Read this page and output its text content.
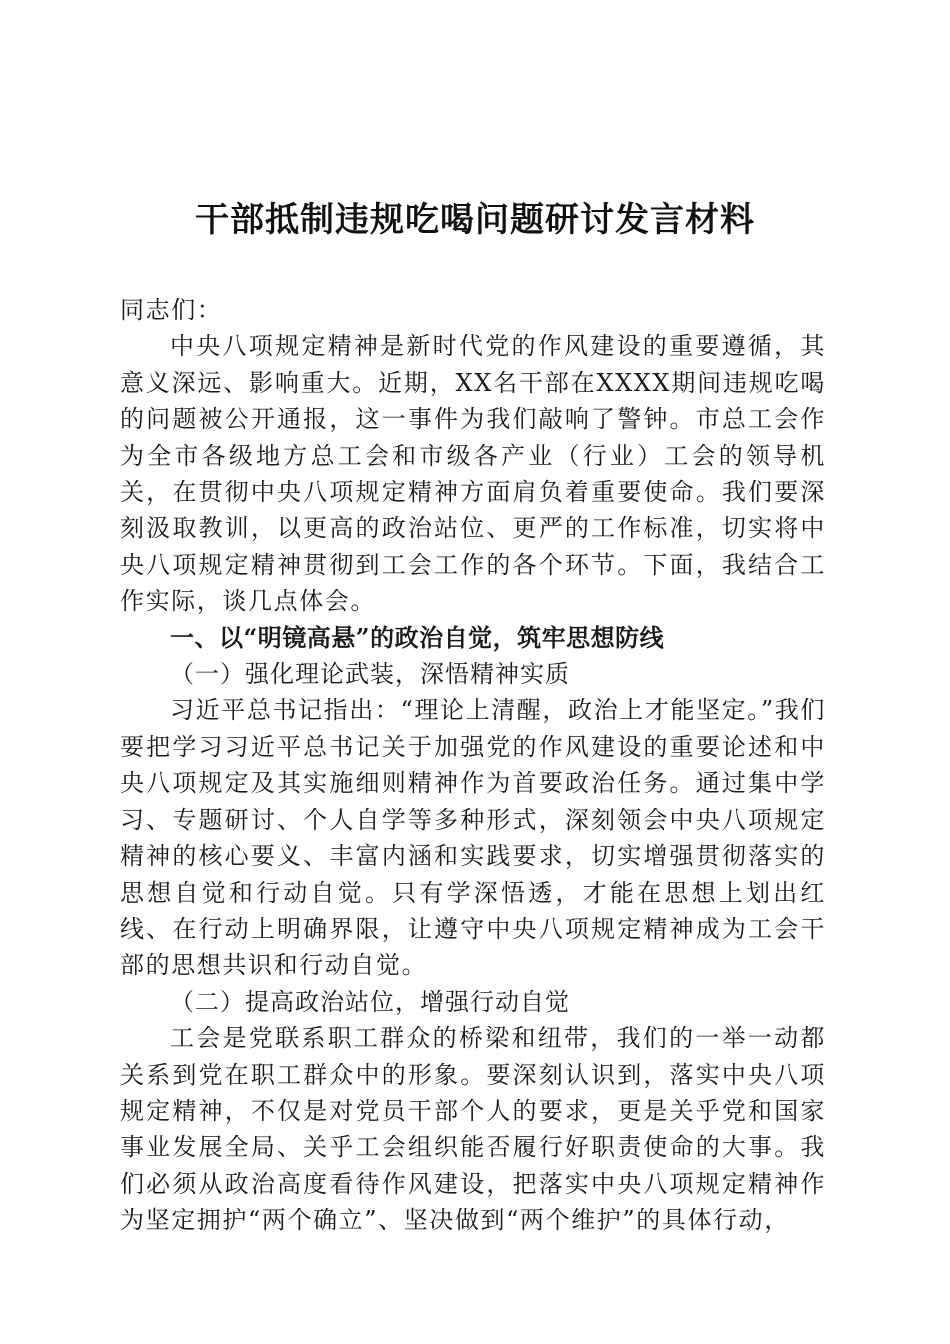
干部抵制违规吃喝问题研讨发言材料

同志们：

中央八项规定精神是新时代党的作风建设的重要遵循，其意义深远、影响重大。近期，XX名干部在XXXX期间违规吃喝的问题被公开通报，这一事件为我们敲响了警钟。市总工会作为全市各级地方总工会和市级各产业（行业）工会的领导机关，在贯彻中央八项规定精神方面肩负着重要使命。我们要深刻汲取教训，以更高的政治站位、更严的工作标准，切实将中央八项规定精神贯彻到工会工作的各个环节。下面，我结合工作实际，谈几点体会。

一、以“明镜高悬”的政治自觉，筑牢思想防线

（一）强化理论武装，深悟精神实质

习近平总书记指出：“理论上清醒，政治上才能坚定。”我们要把学习习近平总书记关于加强党的作风建设的重要论述和中央八项规定及其实施细则精神作为首要政治任务。通过集中学习、专题研讨、个人自学等多种形式，深刻领会中央八项规定精神的核心要义、丰富内涵和实践要求，切实增强贯彻落实的思想自觉和行动自觉。只有学深悟透，才能在思想上划出红线、在行动上明确界限，让遵守中央八项规定精神成为工会干部的思想共识和行动自觉。

（二）提高政治站位，增强行动自觉

工会是党联系职工群众的桥梁和纽带，我们的一举一动都关系到党在职工群众中的形象。要深刻认识到，落实中央八项规定精神，不仅是对党员干部个人的要求，更是关乎党和国家事业发展全局、关乎工会组织能否履行好职责使命的大事。我们必须从政治高度看待作风建设，把落实中央八项规定精神作为坚定拥护“两个确立”、坚决做到“两个维护”的具体行动，
